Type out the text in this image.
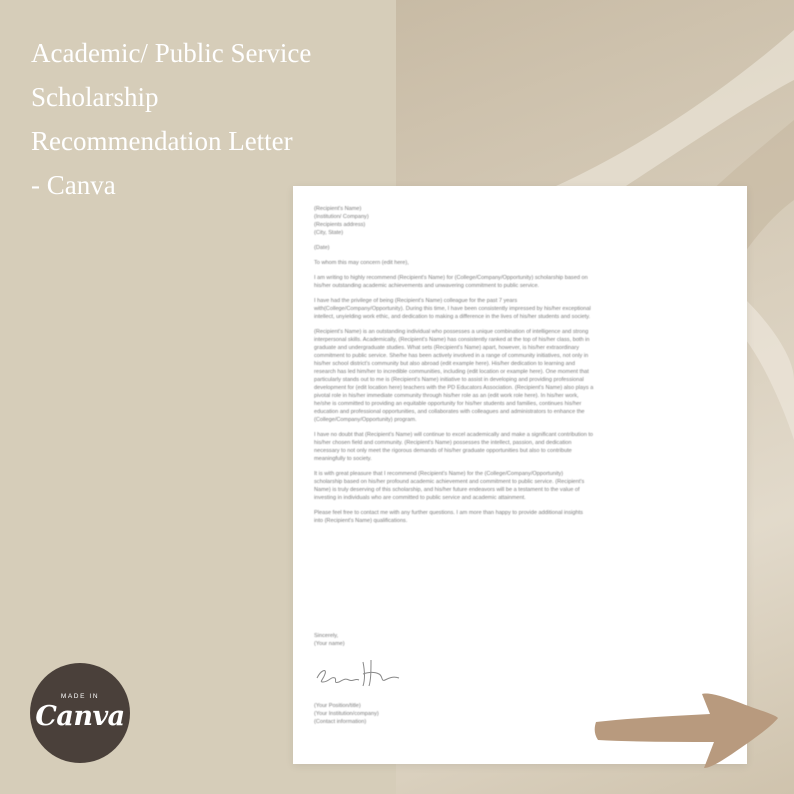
Academic/ Public Service
Scholarship
Recommendation Letter
- Canva

(Recipient's Name)
(Institution/ Company)
(Recipients address)
(City, State)

(Date)

To whom this may concern (edit here),

I am writing to highly recommend (Recipient's Name) for (College/Company/Opportunity) scholarship based on
his/her outstanding academic achievements and unwavering commitment to public service.

I have had the privilege of being (Recipient's Name) colleague for the past 7 years
with(College/Company/Opportunity). During this time, I have been consistently impressed by his/her exceptional
intellect, unyielding work ethic, and dedication to making a difference in the lives of his/her students and society.

(Recipient's Name) is an outstanding individual who possesses a unique combination of intelligence and strong
interpersonal skills. Academically, (Recipient's Name) has consistently ranked at the top of his/her class, both in
graduate and undergraduate studies. What sets (Recipient's Name) apart, however, is his/her extraordinary
commitment to public service. She/he has been actively involved in a range of community initiatives, not only in
his/her school district's community but also abroad (edit example here). His/her dedication to learning and
research has led him/her to incredible communities, including (edit location or example here). One moment that
particularly stands out to me is (Recipient's Name) initiative to assist in developing and providing professional
development for (edit location here) teachers with the PD Educators Association. (Recipient's Name) also plays a
pivotal role in his/her immediate community through his/her role as an (edit work role here). In his/her work,
he/she is committed to providing an equitable opportunity for his/her students and families, continues his/her
education and professional opportunities, and collaborates with colleagues and administrators to enhance the
(College/Company/Opportunity) program.

I have no doubt that (Recipient's Name) will continue to excel academically and make a significant contribution to
his/her chosen field and community. (Recipient's Name) possesses the intellect, passion, and dedication
necessary to not only meet the rigorous demands of his/her graduate opportunities but also to contribute
meaningfully to society.

It is with great pleasure that I recommend (Recipient's Name) for the (College/Company/Opportunity)
scholarship based on his/her profound academic achievement and commitment to public service. (Recipient's
Name) is truly deserving of this scholarship, and his/her future endeavors will be a testament to the value of
investing in individuals who are committed to public service and academic attainment.

Please feel free to contact me with any further questions. I am more than happy to provide additional insights
into (Recipient's Name) qualifications.

Sincerely,
(Your name)
(Your Position/title)
(Your Institution/company)
(Contact information)
MADE IN
Canva
